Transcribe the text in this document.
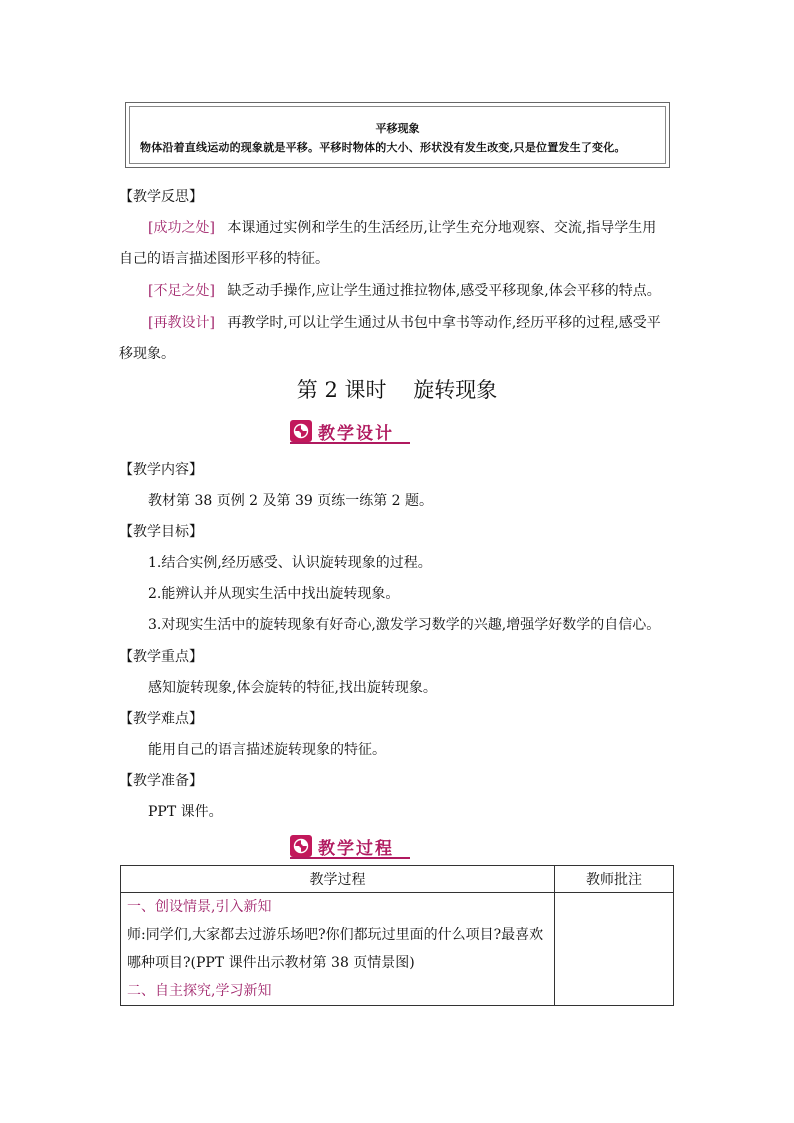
平移现象
物体沿着直线运动的现象就是平移。平移时物体的大小、形状没有发生改变,只是位置发生了变化。
【教学反思】
[成功之处] 本课通过实例和学生的生活经历,让学生充分地观察、交流,指导学生用
自己的语言描述图形平移的特征。
[不足之处] 缺乏动手操作,应让学生通过推拉物体,感受平移现象,体会平移的特点。
[再教设计] 再教学时,可以让学生通过从书包中拿书等动作,经历平移的过程,感受平
移现象。
第 2 课时    旋转现象
教学设计
【教学内容】
教材第 38 页例 2 及第 39 页练一练第 2 题。
【教学目标】
1.结合实例,经历感受、认识旋转现象的过程。
2.能辨认并从现实生活中找出旋转现象。
3.对现实生活中的旋转现象有好奇心,激发学习数学的兴趣,增强学好数学的自信心。
【教学重点】
感知旋转现象,体会旋转的特征,找出旋转现象。
【教学难点】
能用自己的语言描述旋转现象的特征。
【教学准备】
PPT 课件。
教学过程
教学过程	教师批注

一、创设情景,引入新知
师:同学们,大家都去过游乐场吧?你们都玩过里面的什么项目?最喜欢
哪种项目?(PPT 课件出示教材第 38 页情景图)
二、自主探究,学习新知	
